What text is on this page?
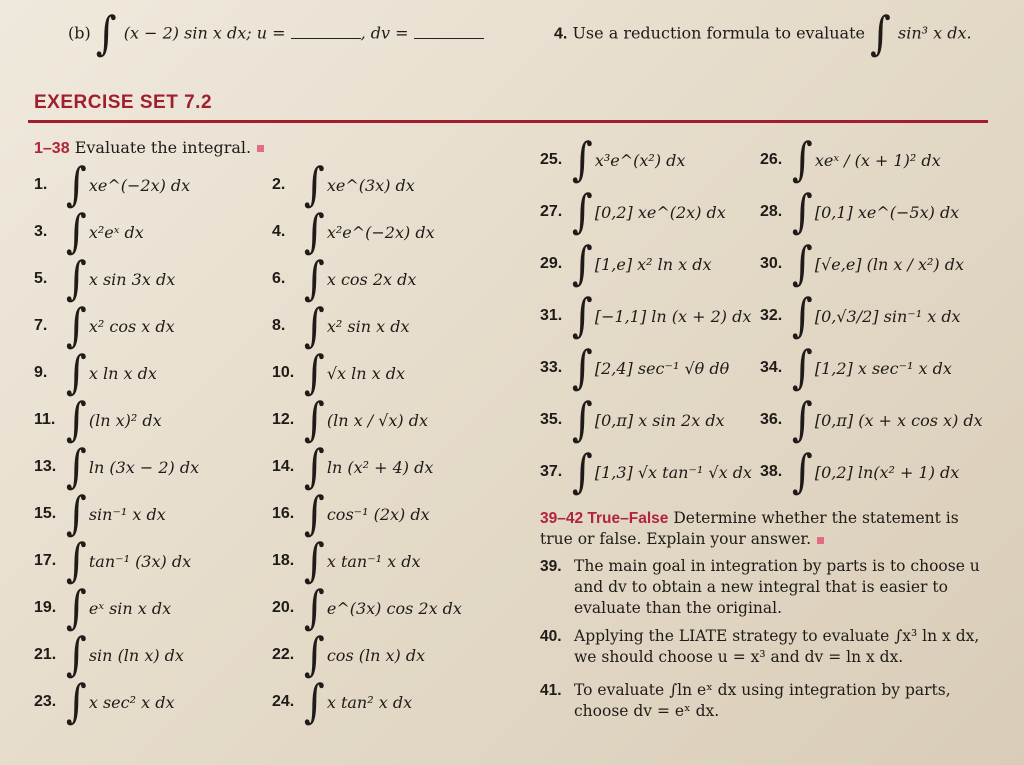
(b) ∫ (x − 2) sin x dx; u =	, dv =	4. Use a reduction formula to evaluate ∫ sin³ x dx.
EXERCISE SET 7.2
1–38 Evaluate the integral.
39–42 True–False Determine whether the statement is true or false. Explain your answer.
1. ∫ xe^(−2x) dx	2. ∫ xe^(3x) dx
3. ∫ x²eˣ dx	4. ∫ x²e^(−2x) dx
5. ∫ x sin 3x dx	6. ∫ x cos 2x dx
7. ∫ x² cos x dx	8. ∫ x² sin x dx
9. ∫ x ln x dx	10. ∫ √x ln x dx
11. ∫ (ln x)² dx	12. ∫ (ln x / √x) dx
13. ∫ ln (3x − 2) dx	14. ∫ ln (x² + 4) dx
15. ∫ sin⁻¹ x dx	16. ∫ cos⁻¹ (2x) dx
17. ∫ tan⁻¹ (3x) dx	18. ∫ x tan⁻¹ x dx
19. ∫ eˣ sin x dx	20. ∫ e^(3x) cos 2x dx
21. ∫ sin (ln x) dx	22. ∫ cos (ln x) dx
23. ∫ x sec² x dx	24. ∫ x tan² x dx
25. ∫ x³e^(x²) dx	26. ∫ xeˣ / (x + 1)² dx
27. ∫ [0,2] xe^(2x) dx 28. ∫ [0,1] xe^(−5x) dx
29. ∫ [1,e] x² ln x dx	30. ∫ [√e,e] (ln x / x²) dx
31. ∫ [−1,1] ln (x + 2) dx 32. ∫ [0,√3/2] sin⁻¹ x dx
33. ∫ [2,4] sec⁻¹ √θ dθ 34. ∫ [1,2] x sec⁻¹ x dx
35. ∫ [0,π] x sin 2x dx 36. ∫ [0,π] (x + x cos x) dx
37. ∫ [1,3] √x tan⁻¹ √x dx 38. ∫ [0,2] ln(x² + 1) dx
39. The main goal in integration by parts is to choose u and dv to obtain a new integral that is easier to evaluate than the original.
40. Applying the LIATE strategy to evaluate ∫x³ ln x dx, we should choose u = x³ and dv = ln x dx.
41. To evaluate ∫ln eˣ dx using integration by parts, choose dv = eˣ dx.
